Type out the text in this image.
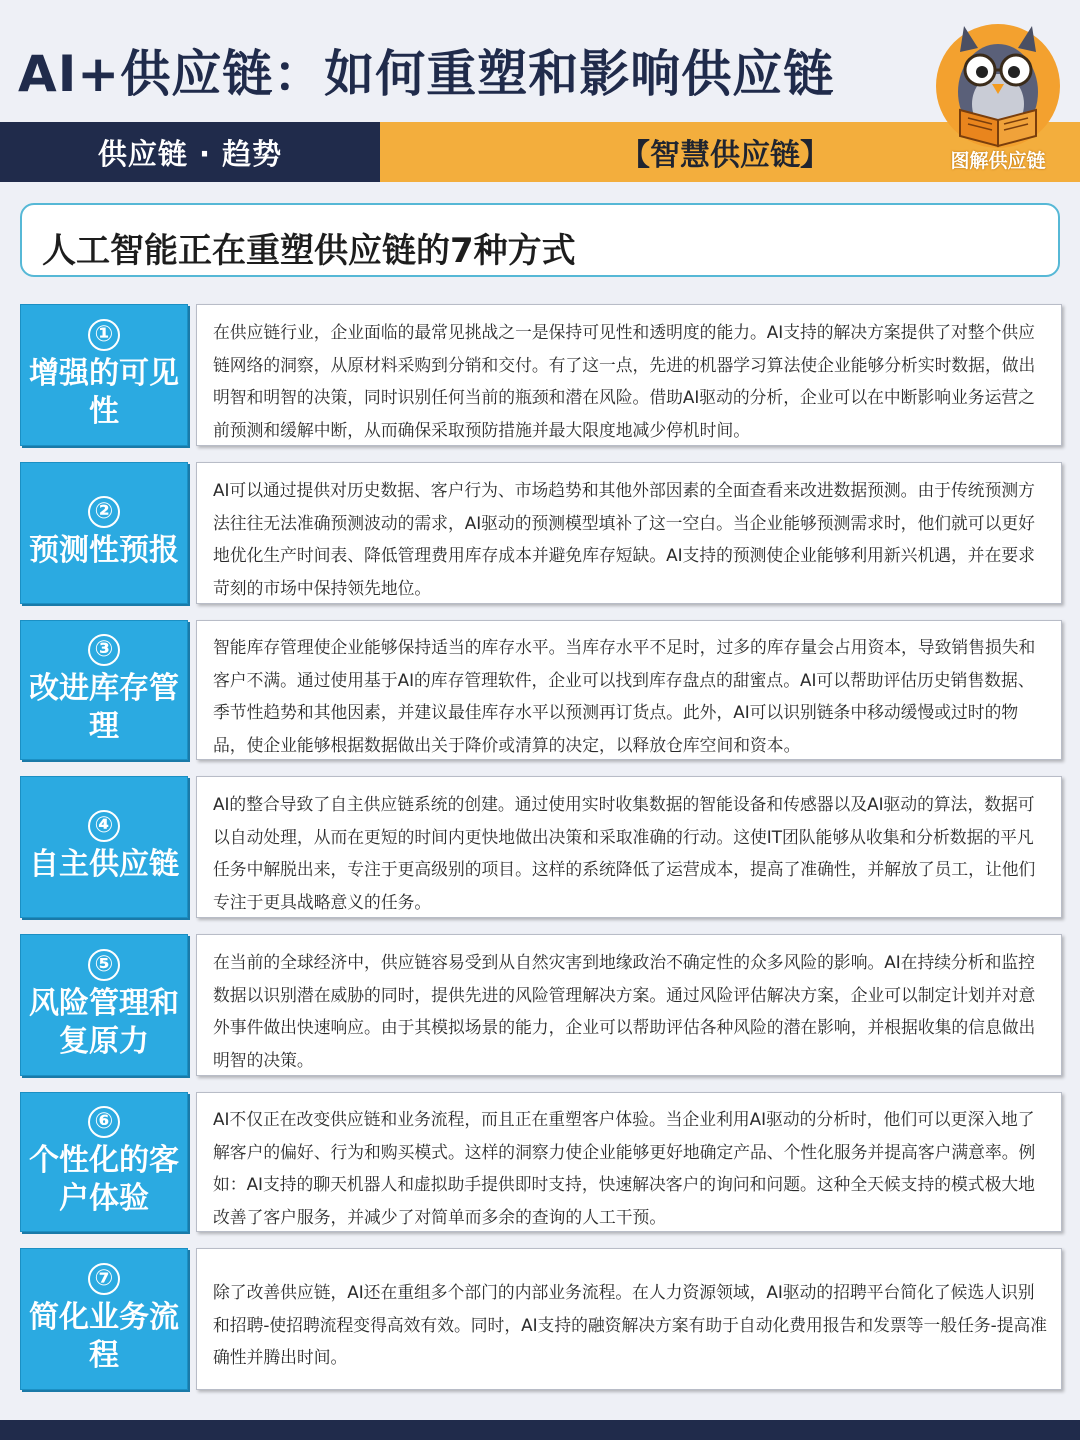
AI+供应链：如何重塑和影响供应链
供应链 · 趋势	【智慧供应链】	图解供应链
人工智能正在重塑供应链的7种方式
①
增强的可见性
在供应链行业，企业面临的最常见挑战之一是保持可见性和透明度的能力。AI支持的解决方案提供了对整个供应链网络的洞察，从原材料采购到分销和交付。有了这一点，先进的机器学习算法使企业能够分析实时数据，做出明智和明智的决策，同时识别任何当前的瓶颈和潜在风险。借助AI驱动的分析，企业可以在中断影响业务运营之前预测和缓解中断，从而确保采取预防措施并最大限度地减少停机时间。
②
预测性预报
AI可以通过提供对历史数据、客户行为、市场趋势和其他外部因素的全面查看来改进数据预测。由于传统预测方法往往无法准确预测波动的需求，AI驱动的预测模型填补了这一空白。当企业能够预测需求时，他们就可以更好地优化生产时间表、降低管理费用库存成本并避免库存短缺。AI支持的预测使企业能够利用新兴机遇，并在要求苛刻的市场中保持领先地位。
③
改进库存管理
智能库存管理使企业能够保持适当的库存水平。当库存水平不足时，过多的库存量会占用资本，导致销售损失和客户不满。通过使用基于AI的库存管理软件，企业可以找到库存盘点的甜蜜点。AI可以帮助评估历史销售数据、季节性趋势和其他因素，并建议最佳库存水平以预测再订货点。此外，AI可以识别链条中移动缓慢或过时的物品，使企业能够根据数据做出关于降价或清算的决定，以释放仓库空间和资本。
④
自主供应链
AI的整合导致了自主供应链系统的创建。通过使用实时收集数据的智能设备和传感器以及AI驱动的算法，数据可以自动处理，从而在更短的时间内更快地做出决策和采取准确的行动。这使IT团队能够从收集和分析数据的平凡任务中解脱出来，专注于更高级别的项目。这样的系统降低了运营成本，提高了准确性，并解放了员工，让他们专注于更具战略意义的任务。
⑤
风险管理和复原力
在当前的全球经济中，供应链容易受到从自然灾害到地缘政治不确定性的众多风险的影响。AI在持续分析和监控数据以识别潜在威胁的同时，提供先进的风险管理解决方案。通过风险评估解决方案，企业可以制定计划并对意外事件做出快速响应。由于其模拟场景的能力，企业可以帮助评估各种风险的潜在影响，并根据收集的信息做出明智的决策。
⑥
个性化的客户体验
AI不仅正在改变供应链和业务流程，而且正在重塑客户体验。当企业利用AI驱动的分析时，他们可以更深入地了解客户的偏好、行为和购买模式。这样的洞察力使企业能够更好地确定产品、个性化服务并提高客户满意率。例如：AI支持的聊天机器人和虚拟助手提供即时支持，快速解决客户的询问和问题。这种全天候支持的模式极大地改善了客户服务，并减少了对简单而多余的查询的人工干预。
⑦
简化业务流程
除了改善供应链，AI还在重组多个部门的内部业务流程。在人力资源领域，AI驱动的招聘平台简化了候选人识别和招聘-使招聘流程变得高效有效。同时，AI支持的融资解决方案有助于自动化费用报告和发票等一般任务-提高准确性并腾出时间。
